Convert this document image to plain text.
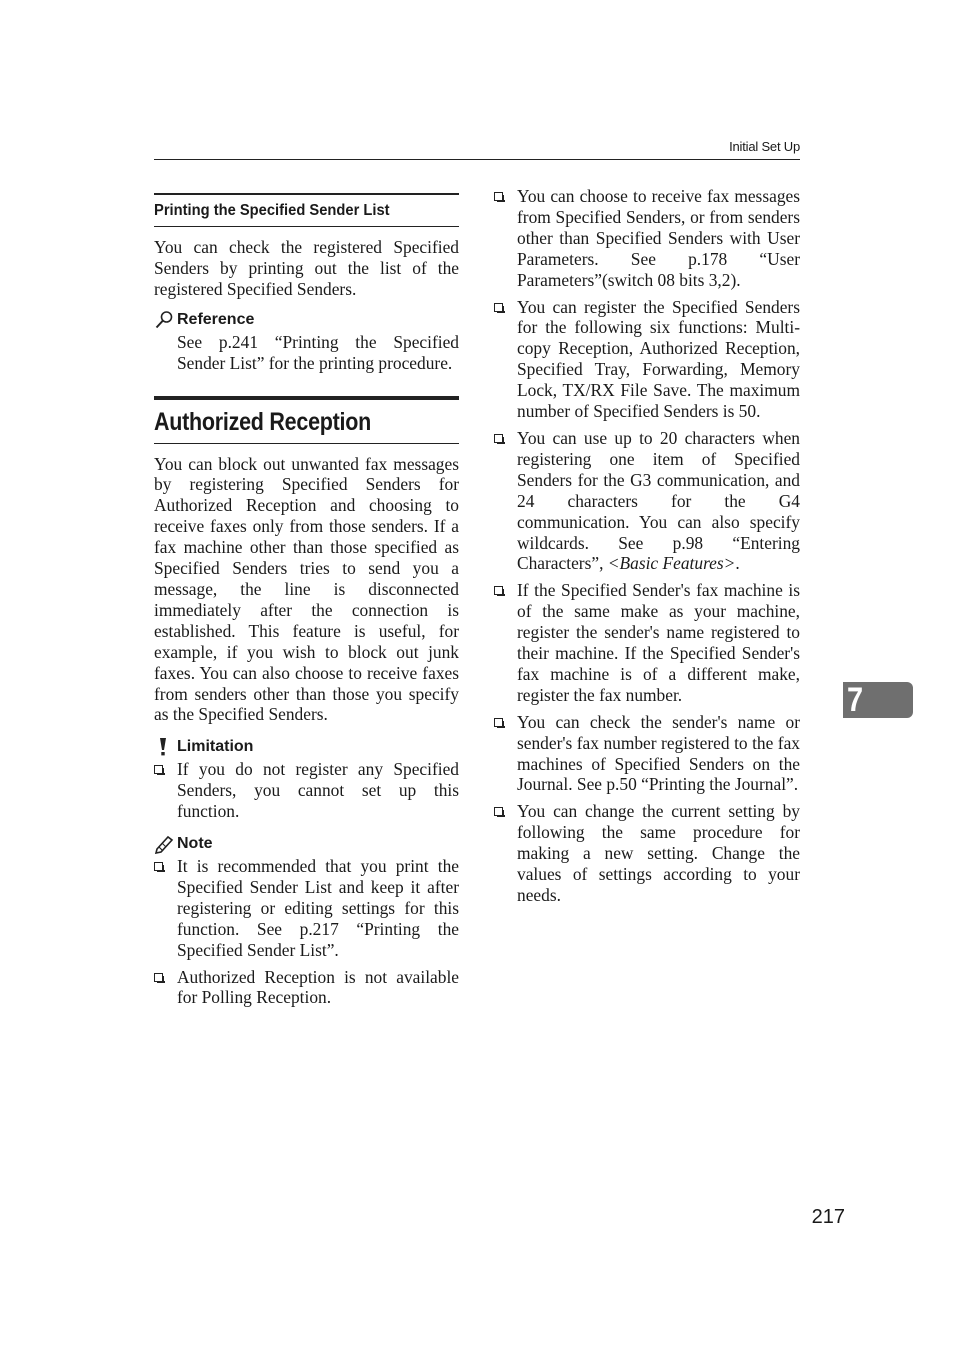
Initial Set Up
Printing the Specified Sender List

You can check the registered Specified Senders by printing out the list of the registered Specified Senders.

Reference

See p.241 “Printing the Specified Sender List” for the printing procedure.

Authorized Reception

You can block out unwanted fax messages by registering Specified Senders for Authorized Reception and choosing to receive faxes only from those senders. If a fax machine other than those specified as Specified Senders tries to send you a message, the line is disconnected immediately after the connection is established. This feature is useful, for example, if you wish to block out junk faxes. You can also choose to receive faxes from senders other than those you specify as the Specified Senders.

Limitation

If you do not register any Specified Senders, you cannot set up this function.

Note

It is recommended that you print the Specified Sender List and keep it after registering or editing settings for this function. See p.217 “Printing the Specified Sender List”.

Authorized Reception is not available for Polling Reception.

You can choose to receive fax messages from Specified Senders, or from senders other than Specified Senders with User Parameters. See p.178 “User Parameters”(switch 08 bits 3,2).

You can register the Specified Senders for the following six functions: Multi-copy Reception, Authorized Reception, Specified Tray, Forwarding, Memory Lock, TX/RX File Save. The maximum number of Specified Senders is 50.

You can use up to 20 characters when registering one item of Specified Senders for the G3 communication, and 24 characters for the G4 communication. You can also specify wildcards. See p.98 “Entering Characters”, <Basic Features>.

If the Specified Sender's fax machine is of the same make as your machine, register the sender's name registered to their machine. If the Specified Sender's fax machine is of a different make, register the fax number.

You can check the sender's name or sender's fax number registered to the fax machines of Specified Senders on the Journal. See p.50 “Printing the Journal”.

You can change the current setting by following the same procedure for making a new setting. Change the values of settings according to your needs.

7
217
